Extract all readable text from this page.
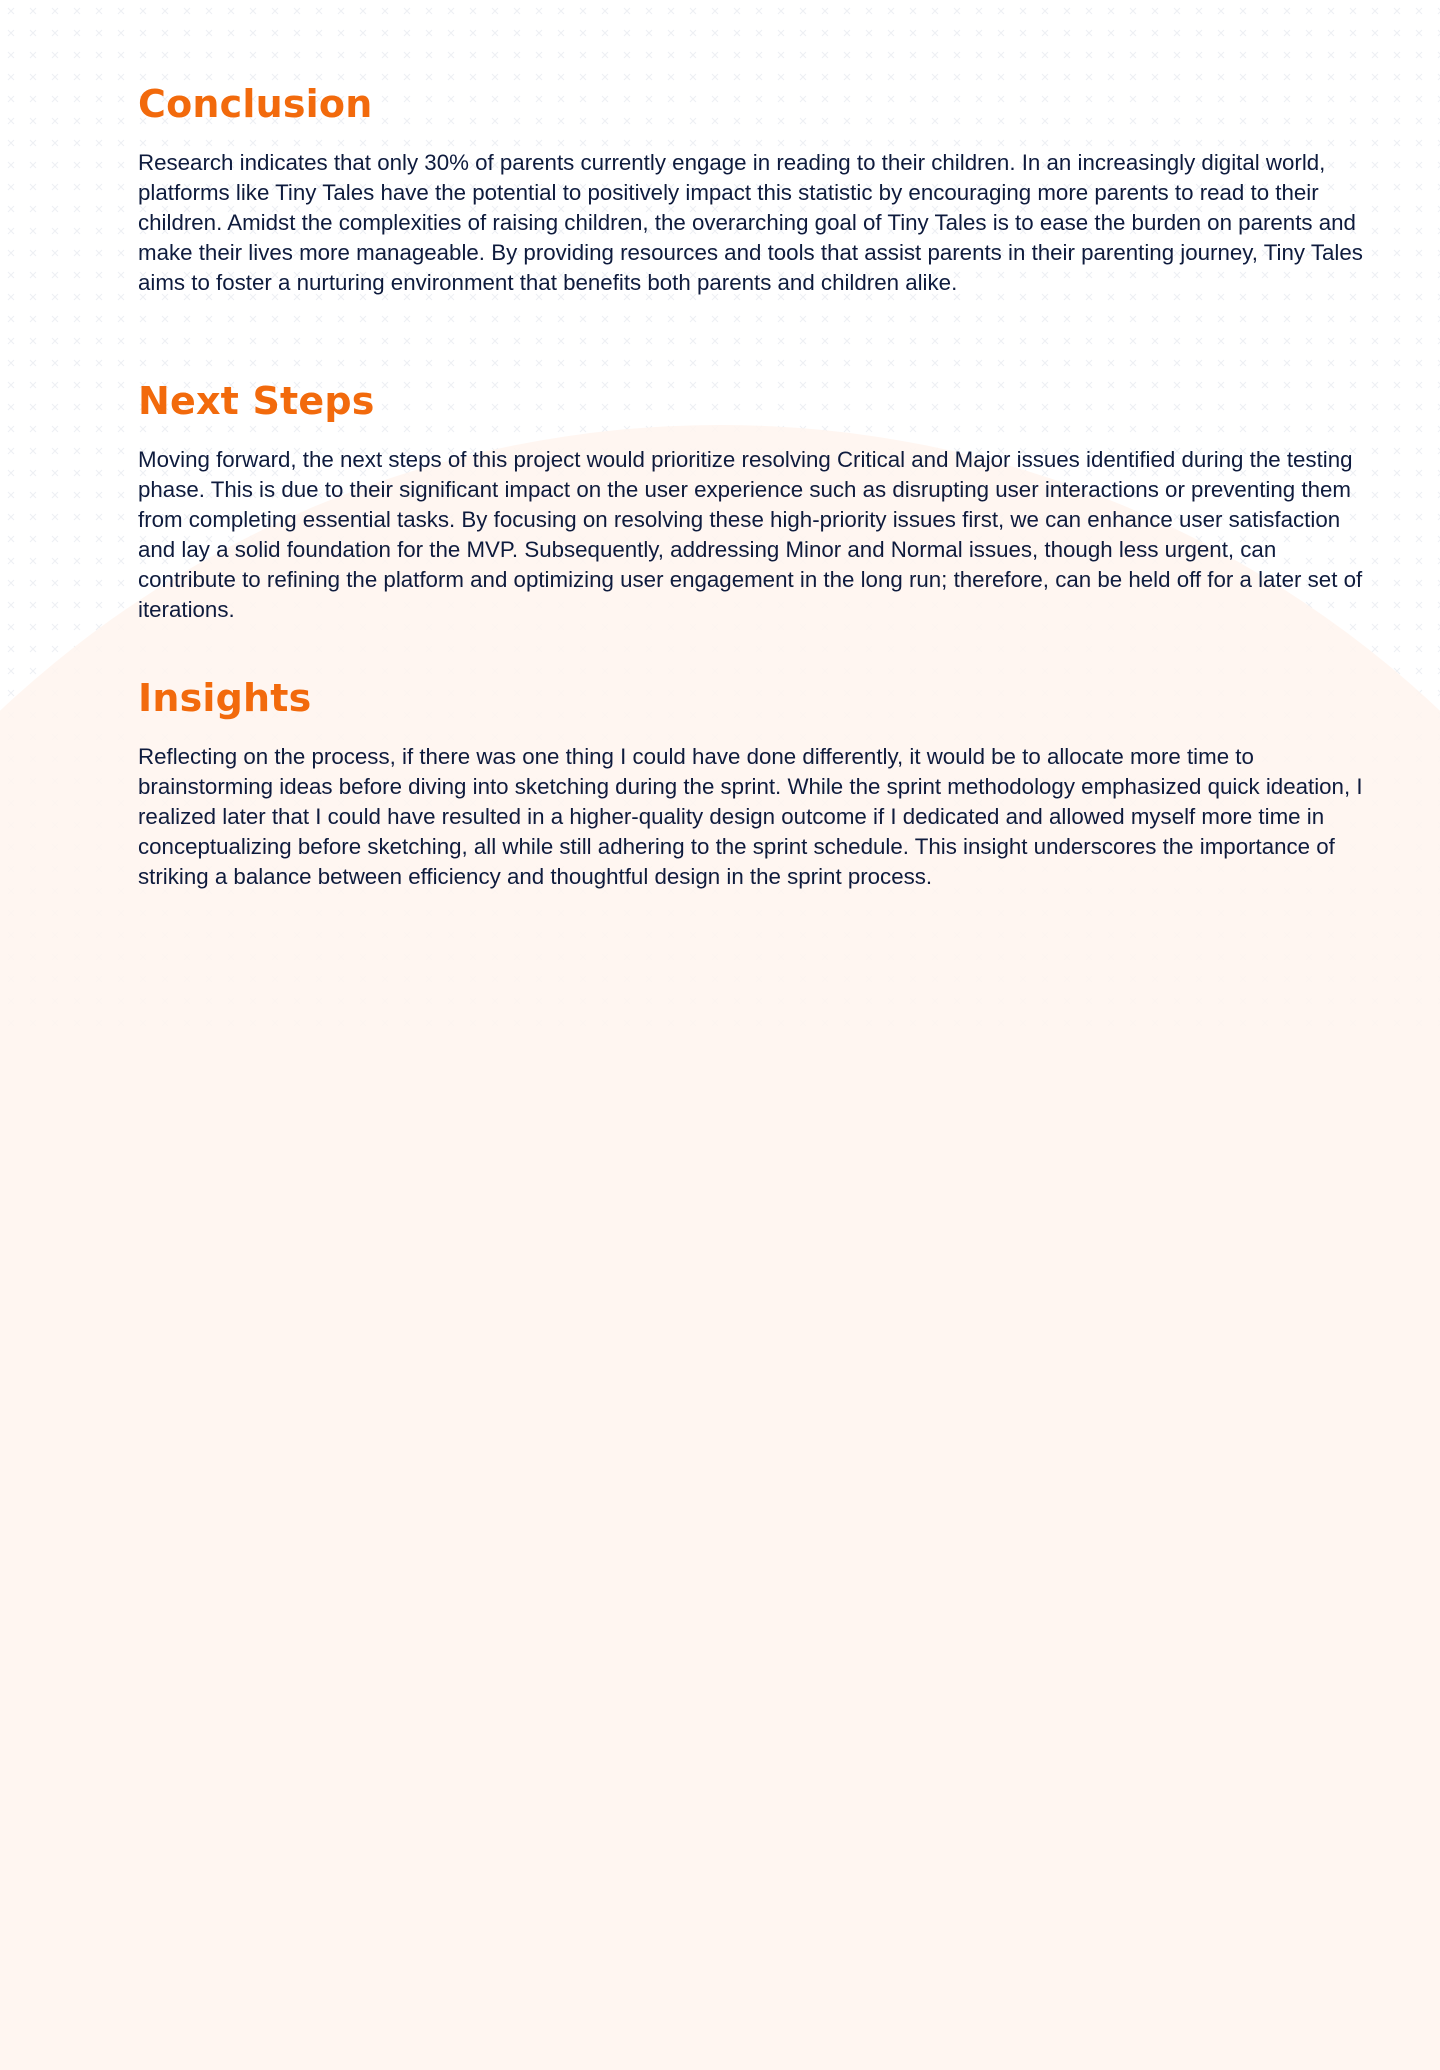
Conclusion

Research indicates that only 30% of parents currently engage in reading to their children. In an increasingly digital world, platforms like Tiny Tales have the potential to positively impact this statistic by encouraging more parents to read to their children. Amidst the complexities of raising children, the overarching goal of Tiny Tales is to ease the burden on parents and make their lives more manageable. By providing resources and tools that assist parents in their parenting journey, Tiny Tales aims to foster a nurturing environment that benefits both parents and children alike.

Next Steps

Moving forward, the next steps of this project would prioritize resolving Critical and Major issues identified during the testing phase. This is due to their significant impact on the user experience such as disrupting user interactions or preventing them from completing essential tasks. By focusing on resolving these high-priority issues first, we can enhance user satisfaction and lay a solid foundation for the MVP. Subsequently, addressing Minor and Normal issues, though less urgent, can contribute to refining the platform and optimizing user engagement in the long run; therefore, can be held off for a later set of iterations.

Insights

Reflecting on the process, if there was one thing I could have done differently, it would be to allocate more time to brainstorming ideas before diving into sketching during the sprint. While the sprint methodology emphasized quick ideation, I realized later that I could have resulted in a higher-quality design outcome if I dedicated and allowed myself more time in conceptualizing before sketching, all while still adhering to the sprint schedule. This insight underscores the importance of striking a balance between efficiency and thoughtful design in the sprint process.
